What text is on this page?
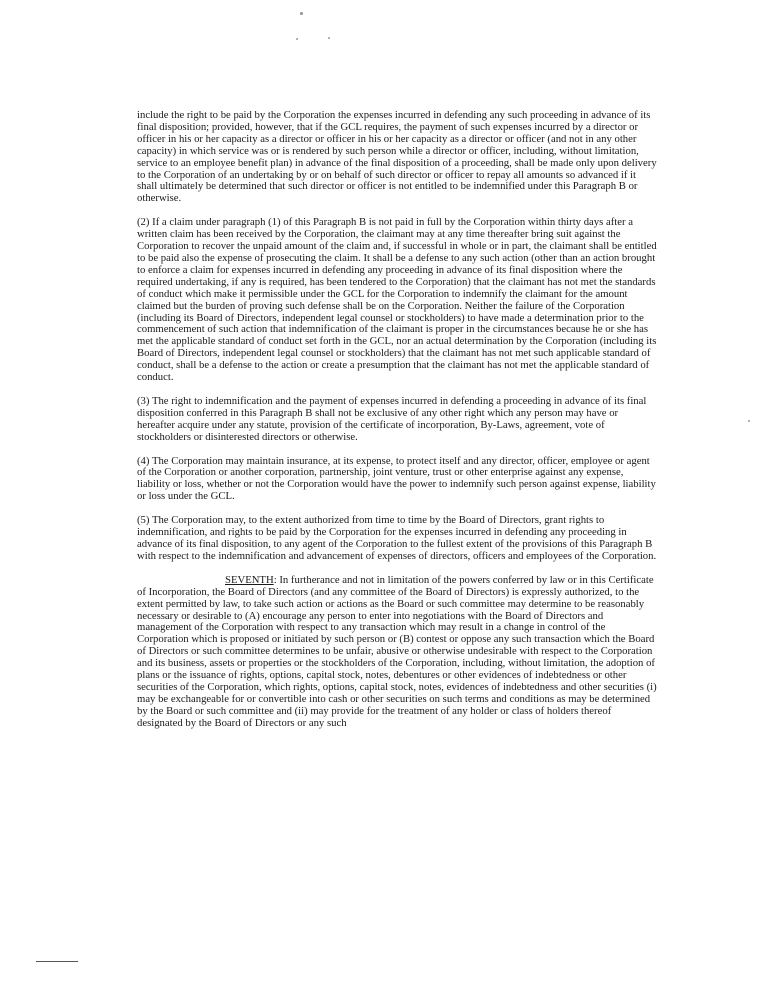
include the right to be paid by the Corporation the expenses incurred in defending any such proceeding in advance of its final disposition; provided, however, that if the GCL requires, the payment of such expenses incurred by a director or officer in his or her capacity as a director or officer in his or her capacity as a director or officer (and not in any other capacity) in which service was or is rendered by such person while a director or officer, including, without limitation, service to an employee benefit plan) in advance of the final disposition of a proceeding, shall be made only upon delivery to the Corporation of an undertaking by or on behalf of such director or officer to repay all amounts so advanced if it shall ultimately be determined that such director or officer is not entitled to be indemnified under this Paragraph B or otherwise.

(2) If a claim under paragraph (1) of this Paragraph B is not paid in full by the Corporation within thirty days after a written claim has been received by the Corporation, the claimant may at any time thereafter bring suit against the Corporation to recover the unpaid amount of the claim and, if successful in whole or in part, the claimant shall be entitled to be paid also the expense of prosecuting the claim. It shall be a defense to any such action (other than an action brought to enforce a claim for expenses incurred in defending any proceeding in advance of its final disposition where the required undertaking, if any is required, has been tendered to the Corporation) that the claimant has not met the standards of conduct which make it permissible under the GCL for the Corporation to indemnify the claimant for the amount claimed but the burden of proving such defense shall be on the Corporation. Neither the failure of the Corporation (including its Board of Directors, independent legal counsel or stockholders) to have made a determination prior to the commencement of such action that indemnification of the claimant is proper in the circumstances because he or she has met the applicable standard of conduct set forth in the GCL, nor an actual determination by the Corporation (including its Board of Directors, independent legal counsel or stockholders) that the claimant has not met such applicable standard of conduct, shall be a defense to the action or create a presumption that the claimant has not met the applicable standard of conduct.

(3) The right to indemnification and the payment of expenses incurred in defending a proceeding in advance of its final disposition conferred in this Paragraph B shall not be exclusive of any other right which any person may have or hereafter acquire under any statute, provision of the certificate of incorporation, By-Laws, agreement, vote of stockholders or disinterested directors or otherwise.

(4) The Corporation may maintain insurance, at its expense, to protect itself and any director, officer, employee or agent of the Corporation or another corporation, partnership, joint venture, trust or other enterprise against any expense, liability or loss, whether or not the Corporation would have the power to indemnify such person against expense, liability or loss under the GCL.

(5) The Corporation may, to the extent authorized from time to time by the Board of Directors, grant rights to indemnification, and rights to be paid by the Corporation for the expenses incurred in defending any proceeding in advance of its final disposition, to any agent of the Corporation to the fullest extent of the provisions of this Paragraph B with respect to the indemnification and advancement of expenses of directors, officers and employees of the Corporation.

SEVENTH: In furtherance and not in limitation of the powers conferred by law or in this Certificate of Incorporation, the Board of Directors (and any committee of the Board of Directors) is expressly authorized, to the extent permitted by law, to take such action or actions as the Board or such committee may determine to be reasonably necessary or desirable to (A) encourage any person to enter into negotiations with the Board of Directors and management of the Corporation with respect to any transaction which may result in a change in control of the Corporation which is proposed or initiated by such person or (B) contest or oppose any such transaction which the Board of Directors or such committee determines to be unfair, abusive or otherwise undesirable with respect to the Corporation and its business, assets or properties or the stockholders of the Corporation, including, without limitation, the adoption of plans or the issuance of rights, options, capital stock, notes, debentures or other evidences of indebtedness or other securities of the Corporation, which rights, options, capital stock, notes, evidences of indebtedness and other securities (i) may be exchangeable for or convertible into cash or other securities on such terms and conditions as may be determined by the Board or such committee and (ii) may provide for the treatment of any holder or class of holders thereof designated by the Board of Directors or any such
